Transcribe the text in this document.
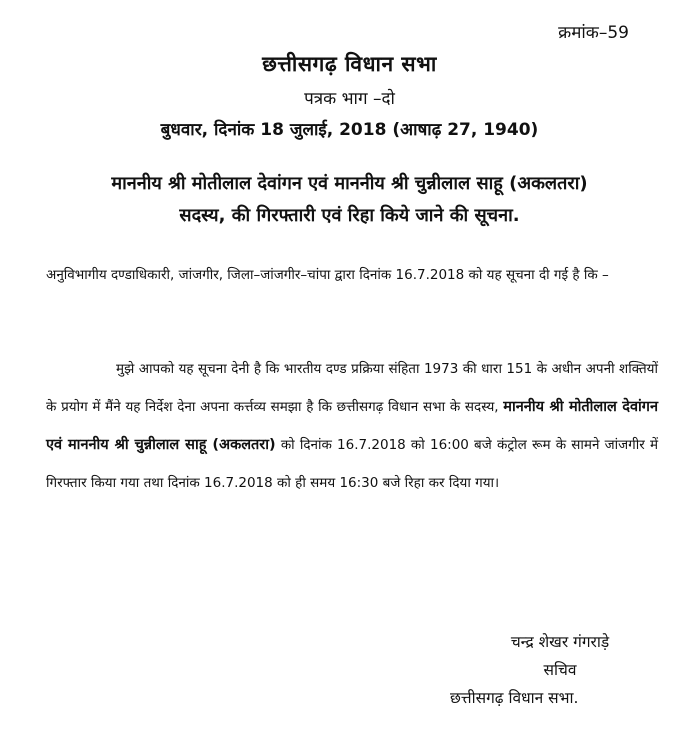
क्रमांक–59
छत्तीसगढ़ विधान सभा
पत्रक भाग –दो
बुधवार, दिनांक 18 जुलाई, 2018 (आषाढ़ 27, 1940)
माननीय श्री मोतीलाल देवांगन एवं माननीय श्री चुन्नीलाल साहू (अकलतरा)
सदस्य, की गिरफ्तारी एवं रिहा किये जाने की सूचना.
अनुविभागीय दण्डाधिकारी, जांजगीर, जिला–जांजगीर–चांपा द्वारा दिनांक 16.7.2018 को यह सूचना दी गई है कि –
मुझे आपको यह सूचना देनी है कि भारतीय दण्ड प्रक्रिया संहिता 1973 की धारा 151 के अधीन अपनी शक्तियों के प्रयोग में मैंने यह निर्देश देना अपना कर्त्तव्य समझा है कि छत्तीसगढ़ विधान सभा के सदस्य, माननीय श्री मोतीलाल देवांगन एवं माननीय श्री चुन्नीलाल साहू (अकलतरा) को दिनांक 16.7.2018 को 16:00 बजे कंट्रोल रूम के सामने जांजगीर में गिरफ्तार किया गया तथा दिनांक 16.7.2018 को ही समय 16:30 बजे रिहा कर दिया गया।
चन्द्र शेखर गंगराड़े
सचिव
छत्तीसगढ़ विधान सभा.
